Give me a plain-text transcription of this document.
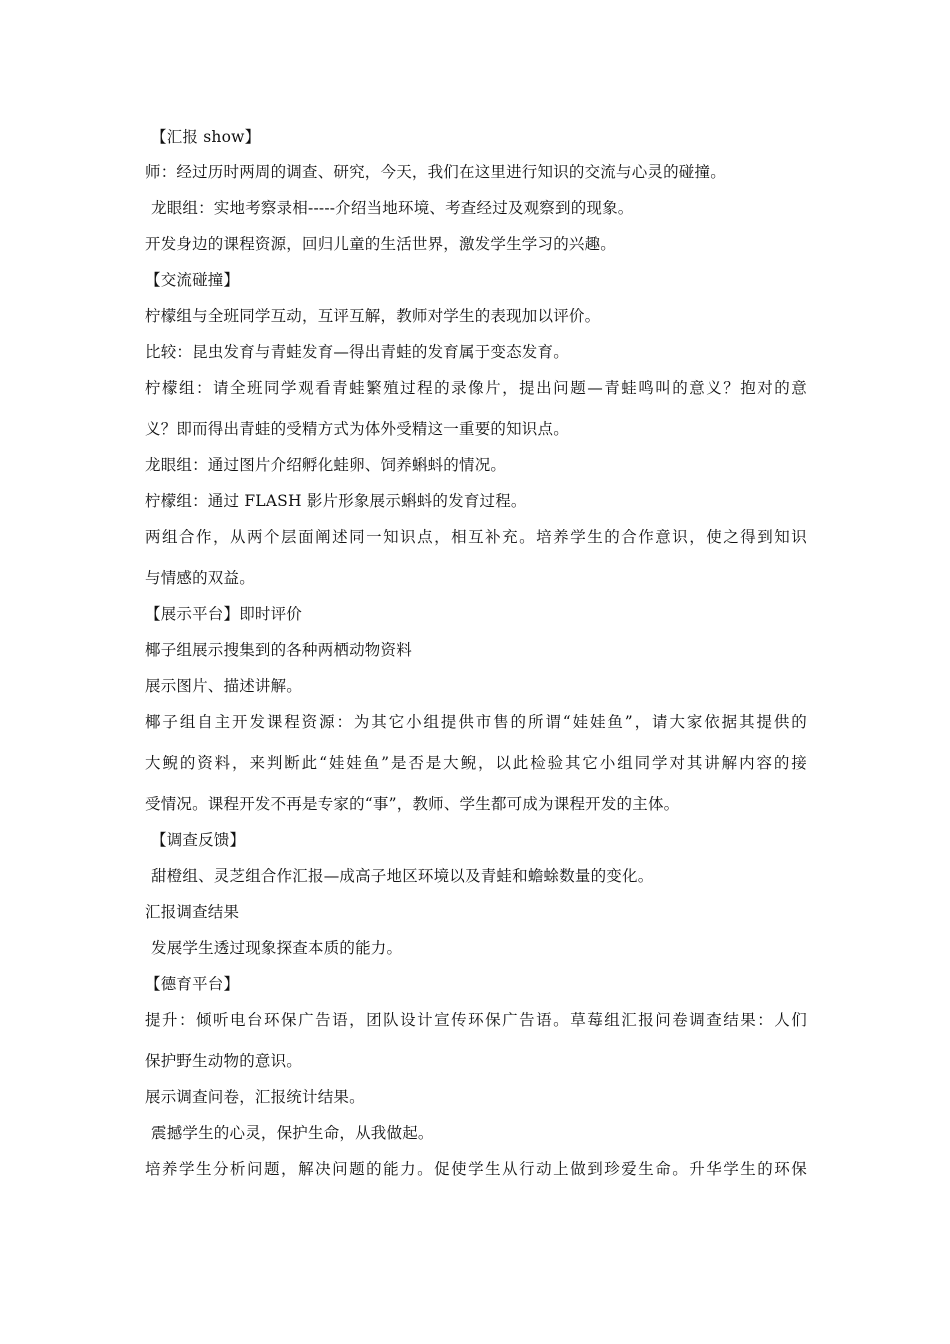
【汇报 show】
师：经过历时两周的调查、研究，今天，我们在这里进行知识的交流与心灵的碰撞。
龙眼组：实地考察录相-----介绍当地环境、考查经过及观察到的现象。
开发身边的课程资源，回归儿童的生活世界，激发学生学习的兴趣。
【交流碰撞】
柠檬组与全班同学互动，互评互解，教师对学生的表现加以评价。
比较：昆虫发育与青蛙发育—得出青蛙的发育属于变态发育。
柠檬组：请全班同学观看青蛙繁殖过程的录像片，提出问题—青蛙鸣叫的意义？抱对的意
义？即而得出青蛙的受精方式为体外受精这一重要的知识点。
龙眼组：通过图片介绍孵化蛙卵、饲养蝌蚪的情况。
柠檬组：通过 FLASH 影片形象展示蝌蚪的发育过程。
两组合作，从两个层面阐述同一知识点，相互补充。培养学生的合作意识，使之得到知识
与情感的双益。
【展示平台】即时评价
椰子组展示搜集到的各种两栖动物资料
展示图片、描述讲解。
椰子组自主开发课程资源：为其它小组提供市售的所谓“娃娃鱼”，请大家依据其提供的
大鲵的资料，来判断此“娃娃鱼”是否是大鲵，以此检验其它小组同学对其讲解内容的接
受情况。课程开发不再是专家的“事”，教师、学生都可成为课程开发的主体。
【调查反馈】
甜橙组、灵芝组合作汇报—成高子地区环境以及青蛙和蟾蜍数量的变化。
汇报调查结果
发展学生透过现象探查本质的能力。
【德育平台】
提升：倾听电台环保广告语，团队设计宣传环保广告语。草莓组汇报问卷调查结果：人们
保护野生动物的意识。
展示调查问卷，汇报统计结果。
震撼学生的心灵，保护生命，从我做起。
培养学生分析问题，解决问题的能力。促使学生从行动上做到珍爱生命。升华学生的环保
